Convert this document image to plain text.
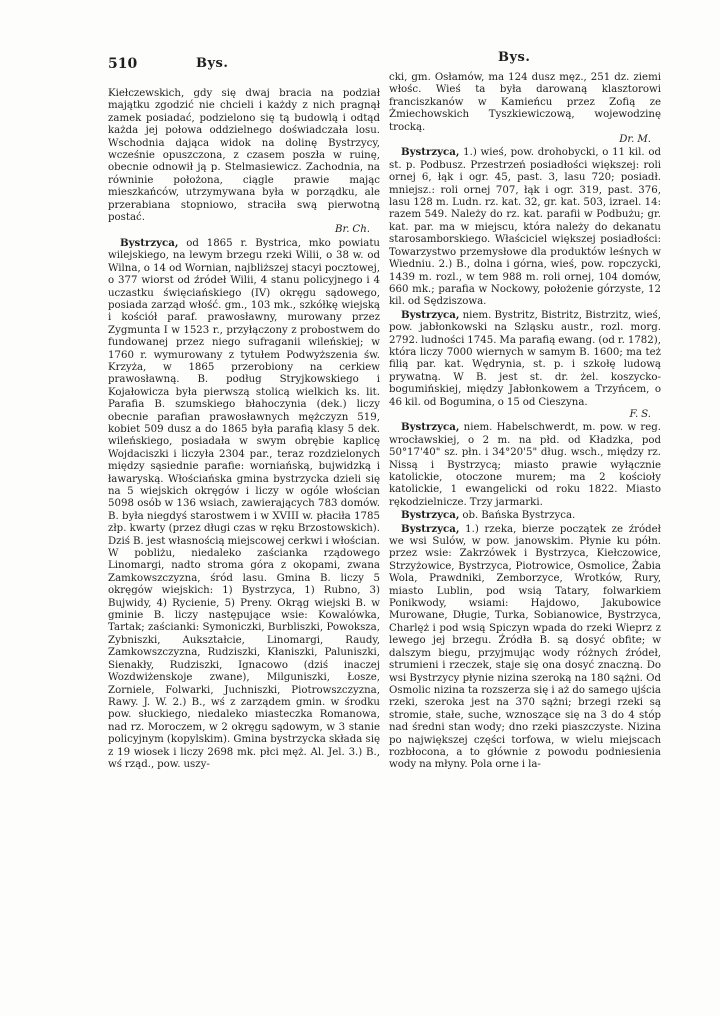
510	Bys.	Bys.

Kiełczewskich, gdy się dwaj bracia na podział majątku zgodzić nie chcieli i każdy z nich pragnął zamek posiadać, podzielono się tą budowlą i odtąd każda jej połowa oddzielnego doświadczała losu. Wschodnia dająca widok na dolinę Bystrzycy, wcześnie opuszczona, z czasem poszła w ruinę, obecnie odnowił ją p. Stelmasiewicz. Zachodnia, na równinie położona, ciągle prawie mając mieszkańców, utrzymywana była w porządku, ale przerabiana stopniowo, straciła swą pierwotną postać.

Br. Ch.

Bystrzyca, od 1865 r. Bystrica, mko powiatu wilejskiego, na lewym brzegu rzeki Wilii, o 38 w. od Wilna, o 14 od Wornian, najbliższej stacyi pocztowej, o 377 wiorst od źródeł Wilii, 4 stanu policyjnego i 4 uczastku święciańskiego (IV) okręgu sądowego, posiada zarząd włość. gm., 103 mk., szkółkę wiejską i kościół paraf. prawosławny, murowany przez Zygmunta I w 1523 r., przyłączony z probostwem do fundowanej przez niego sufraganii wileńskiej; w 1760 r. wymurowany z tytułem Podwyższenia św. Krzyża, w 1865 przerobiony na cerkiew prawosławną. B. podług Stryjkowskiego i Kojałowicza była pierwszą stolicą wielkich ks. lit. Parafia B. szumskiego błahoczynia (dek.) liczy obecnie parafian prawosławnych mężczyzn 519, kobiet 509 dusz a do 1865 była parafią klasy 5 dek. wileńskiego, posiadała w swym obrębie kaplicę Wojdaciszki i liczyła 2304 par., teraz rozdzielonych między sąsiednie parafie: worniańską, bujwidzką i ławaryską. Włościańska gmina bystrzycka dzieli się na 5 wiejskich okręgów i liczy w ogóle włościan 5098 osób w 136 wsiach, zawierających 783 domów. B. była niegdyś starostwem i w XVIII w. płaciła 1785 złp. kwarty (przez długi czas w ręku Brzostowskich). Dziś B. jest własnością miejscowej cerkwi i włościan. W pobliżu, niedaleko zaścianka rządowego Linomargi, nadto stroma góra z okopami, zwana Zamkowszczyzna, śród lasu. Gmina B. liczy 5 okręgów wiejskich: 1) Bystrzyca, 1) Rubno, 3) Bujwidy, 4) Rycienie, 5) Preny. Okrąg wiejski B. w gminie B. liczy następujące wsie: Kowalówka, Tartak; zaścianki: Symoniczki, Burbliszki, Powoksza, Zybniszki, Aukształcie, Linomargi, Raudy, Zamkowszczyzna, Rudziszki, Kłaniszki, Paluniszki, Sienakły, Rudziszki, Ignacowo (dziś inaczej Wozdwiżenskoje zwane), Milguniszki, Łosze, Zorniele, Folwarki, Juchniszki, Piotrowszczyzna, Rawy. J. W. 2.) B., wś z zarządem gmin. w środku pow. słuckiego, niedaleko miasteczka Romanowa, nad rz. Moroczem, w 2 okręgu sądowym, w 3 stanie policyjnym (kopylskim). Gmina bystrzycka składa się z 19 wiosek i liczy 2698 mk. płci męż. Al. Jel. 3.) B., wś rząd., pow. uszy-

cki, gm. Osłamów, ma 124 dusz męz., 251 dz. ziemi włośc. Wieś ta była darowaną klasztorowi franciszkanów w Kamieńcu przez Zofią ze Żmiechowskich Tyszkiewiczową, wojewodzinę trocką.

Dr. M.

Bystrzyca, 1.) wieś, pow. drohobycki, o 11 kil. od st. p. Podbusz. Przestrzeń posiadłości większej: roli ornej 6, łąk i ogr. 45, past. 3, lasu 720; posiadł. mniejsz.: roli ornej 707, łąk i ogr. 319, past. 376, lasu 128 m. Ludn. rz. kat. 32, gr. kat. 503, izrael. 14: razem 549. Należy do rz. kat. parafii w Podbużu; gr. kat. par. ma w miejscu, która należy do dekanatu starosamborskiego. Właściciel większej posiadłości: Towarzystwo przemysłowe dla produktów leśnych w Wiedniu. 2.) B., dolna i górna, wieś, pow. ropczycki, 1439 m. rozl., w tem 988 m. roli ornej, 104 domów, 660 mk.; parafia w Nockowy, położenie górzyste, 12 kil. od Sędziszowa.

Bystrzyca, niem. Bystritz, Bistritz, Bistrzitz, wieś, pow. jabłonkowski na Szląsku austr., rozl. morg. 2792. ludności 1745. Ma parafią ewang. (od r. 1782), która liczy 7000 wiernych w samym B. 1600; ma też filią par. kat. Wędrynia, st. p. i szkołę ludową prywatną. W B. jest st. dr. żel. koszycko-bogumińskiej, między Jabłonkowem a Trzyńcem, o 46 kil. od Bogumina, o 15 od Cieszyna.

F. S.

Bystrzyca, niem. Habelschwerdt, m. pow. w reg. wrocławskiej, o 2 m. na płd. od Kładzka, pod 50°17'40" sz. płn. i 34°20'5" dług. wsch., między rz. Nissą i Bystrzycą; miasto prawie wyłącznie katolickie, otoczone murem; ma 2 kościoły katolickie, 1 ewangelicki od roku 1822. Miasto rękodzielnicze. Trzy jarmarki.

Bystrzyca, ob. Bańska Bystrzyca.

Bystrzyca, 1.) rzeka, bierze początek ze źródeł we wsi Sulów, w pow. janowskim. Płynie ku półn. przez wsie: Zakrzówek i Bystrzyca, Kiełczowice, Strzyżowice, Bystrzyca, Piotrowice, Osmolice, Żabia Wola, Prawdniki, Zemborzyce, Wrotków, Rury, miasto Lublin, pod wsią Tatary, folwarkiem Ponikwody, wsiami: Hajdowo, Jakubowice Murowane, Długie, Turka, Sobianowice, Bystrzyca, Charlęż i pod wsią Spiczyn wpada do rzeki Wieprz z lewego jej brzegu. Źródła B. są dosyć obfite; w dalszym biegu, przyjmując wody różnych źródeł, strumieni i rzeczek, staje się ona dosyć znaczną. Do wsi Bystrzycy płynie nizina szeroką na 180 sążni. Od Osmolic nizina ta rozszerza się i aż do samego ujścia rzeki, szeroka jest na 370 sążni; brzegi rzeki są stromie, stałe, suche, wznoszące się na 3 do 4 stóp nad średni stan wody; dno rzeki piaszczyste. Nizina po największej części torfowa, w wielu miejscach rozbłocona, a to głównie z powodu podniesienia wody na młyny. Pola orne i la-
